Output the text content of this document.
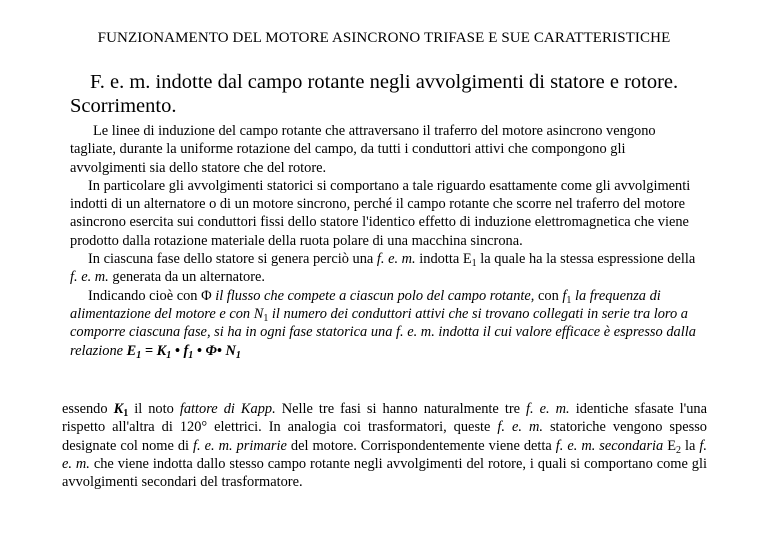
FUNZIONAMENTO DEL MOTORE ASINCRONO TRIFASE E SUE CARATTERISTICHE
F. e. m. indotte dal campo rotante negli avvolgimenti di statore e rotore. Scorrimento.

Le linee di induzione del campo rotante che attraversano il traferro del motore asincrono vengono tagliate, durante la uniforme rotazione del campo, da tutti i conduttori attivi che compongono gli avvolgimenti sia dello statore che del rotore.

In particolare gli avvolgimenti statorici si comportano a tale riguardo esattamente come gli avvolgimenti indotti di un alternatore o di un motore sincrono, perché il campo rotante che scorre nel traferro del motore asincrono esercita sui conduttori fissi dello statore l'identico effetto di induzione elettromagnetica che viene prodotto dalla rotazione materiale della ruota polare di una macchina sincrona.

In ciascuna fase dello statore si genera perciò una f. e. m. indotta $E_1$ la quale ha la stessa espressione della f. e. m. generata da un alternatore.

Indicando cioè con Φ il flusso che compete a ciascun polo del campo rotante, con $f_1$ la frequenza di alimentazione del motore e con $N_1$ il numero dei conduttori attivi che si trovano collegati in serie tra loro a comporre ciascuna fase, si ha in ogni fase statorica una f. e. m. indotta il cui valore efficace è espresso dalla relazione $E_1 = K_1$ • $f_1$ • Φ• $N_1$

essendo $K_1$ il noto fattore di Kapp. Nelle tre fasi si hanno naturalmente tre f. e. m. identiche sfasate l'una rispetto all'altra di 120° elettrici. In analogia coi trasformatori, queste f. e. m. statoriche vengono spesso designate col nome di f. e. m. primarie del motore. Corrispondentemente viene detta f. e. m. secondaria $E_2$ la f. e. m. che viene indotta dallo stesso campo rotante negli avvolgimenti del rotore, i quali si comportano come gli avvolgimenti secondari del trasformatore.
